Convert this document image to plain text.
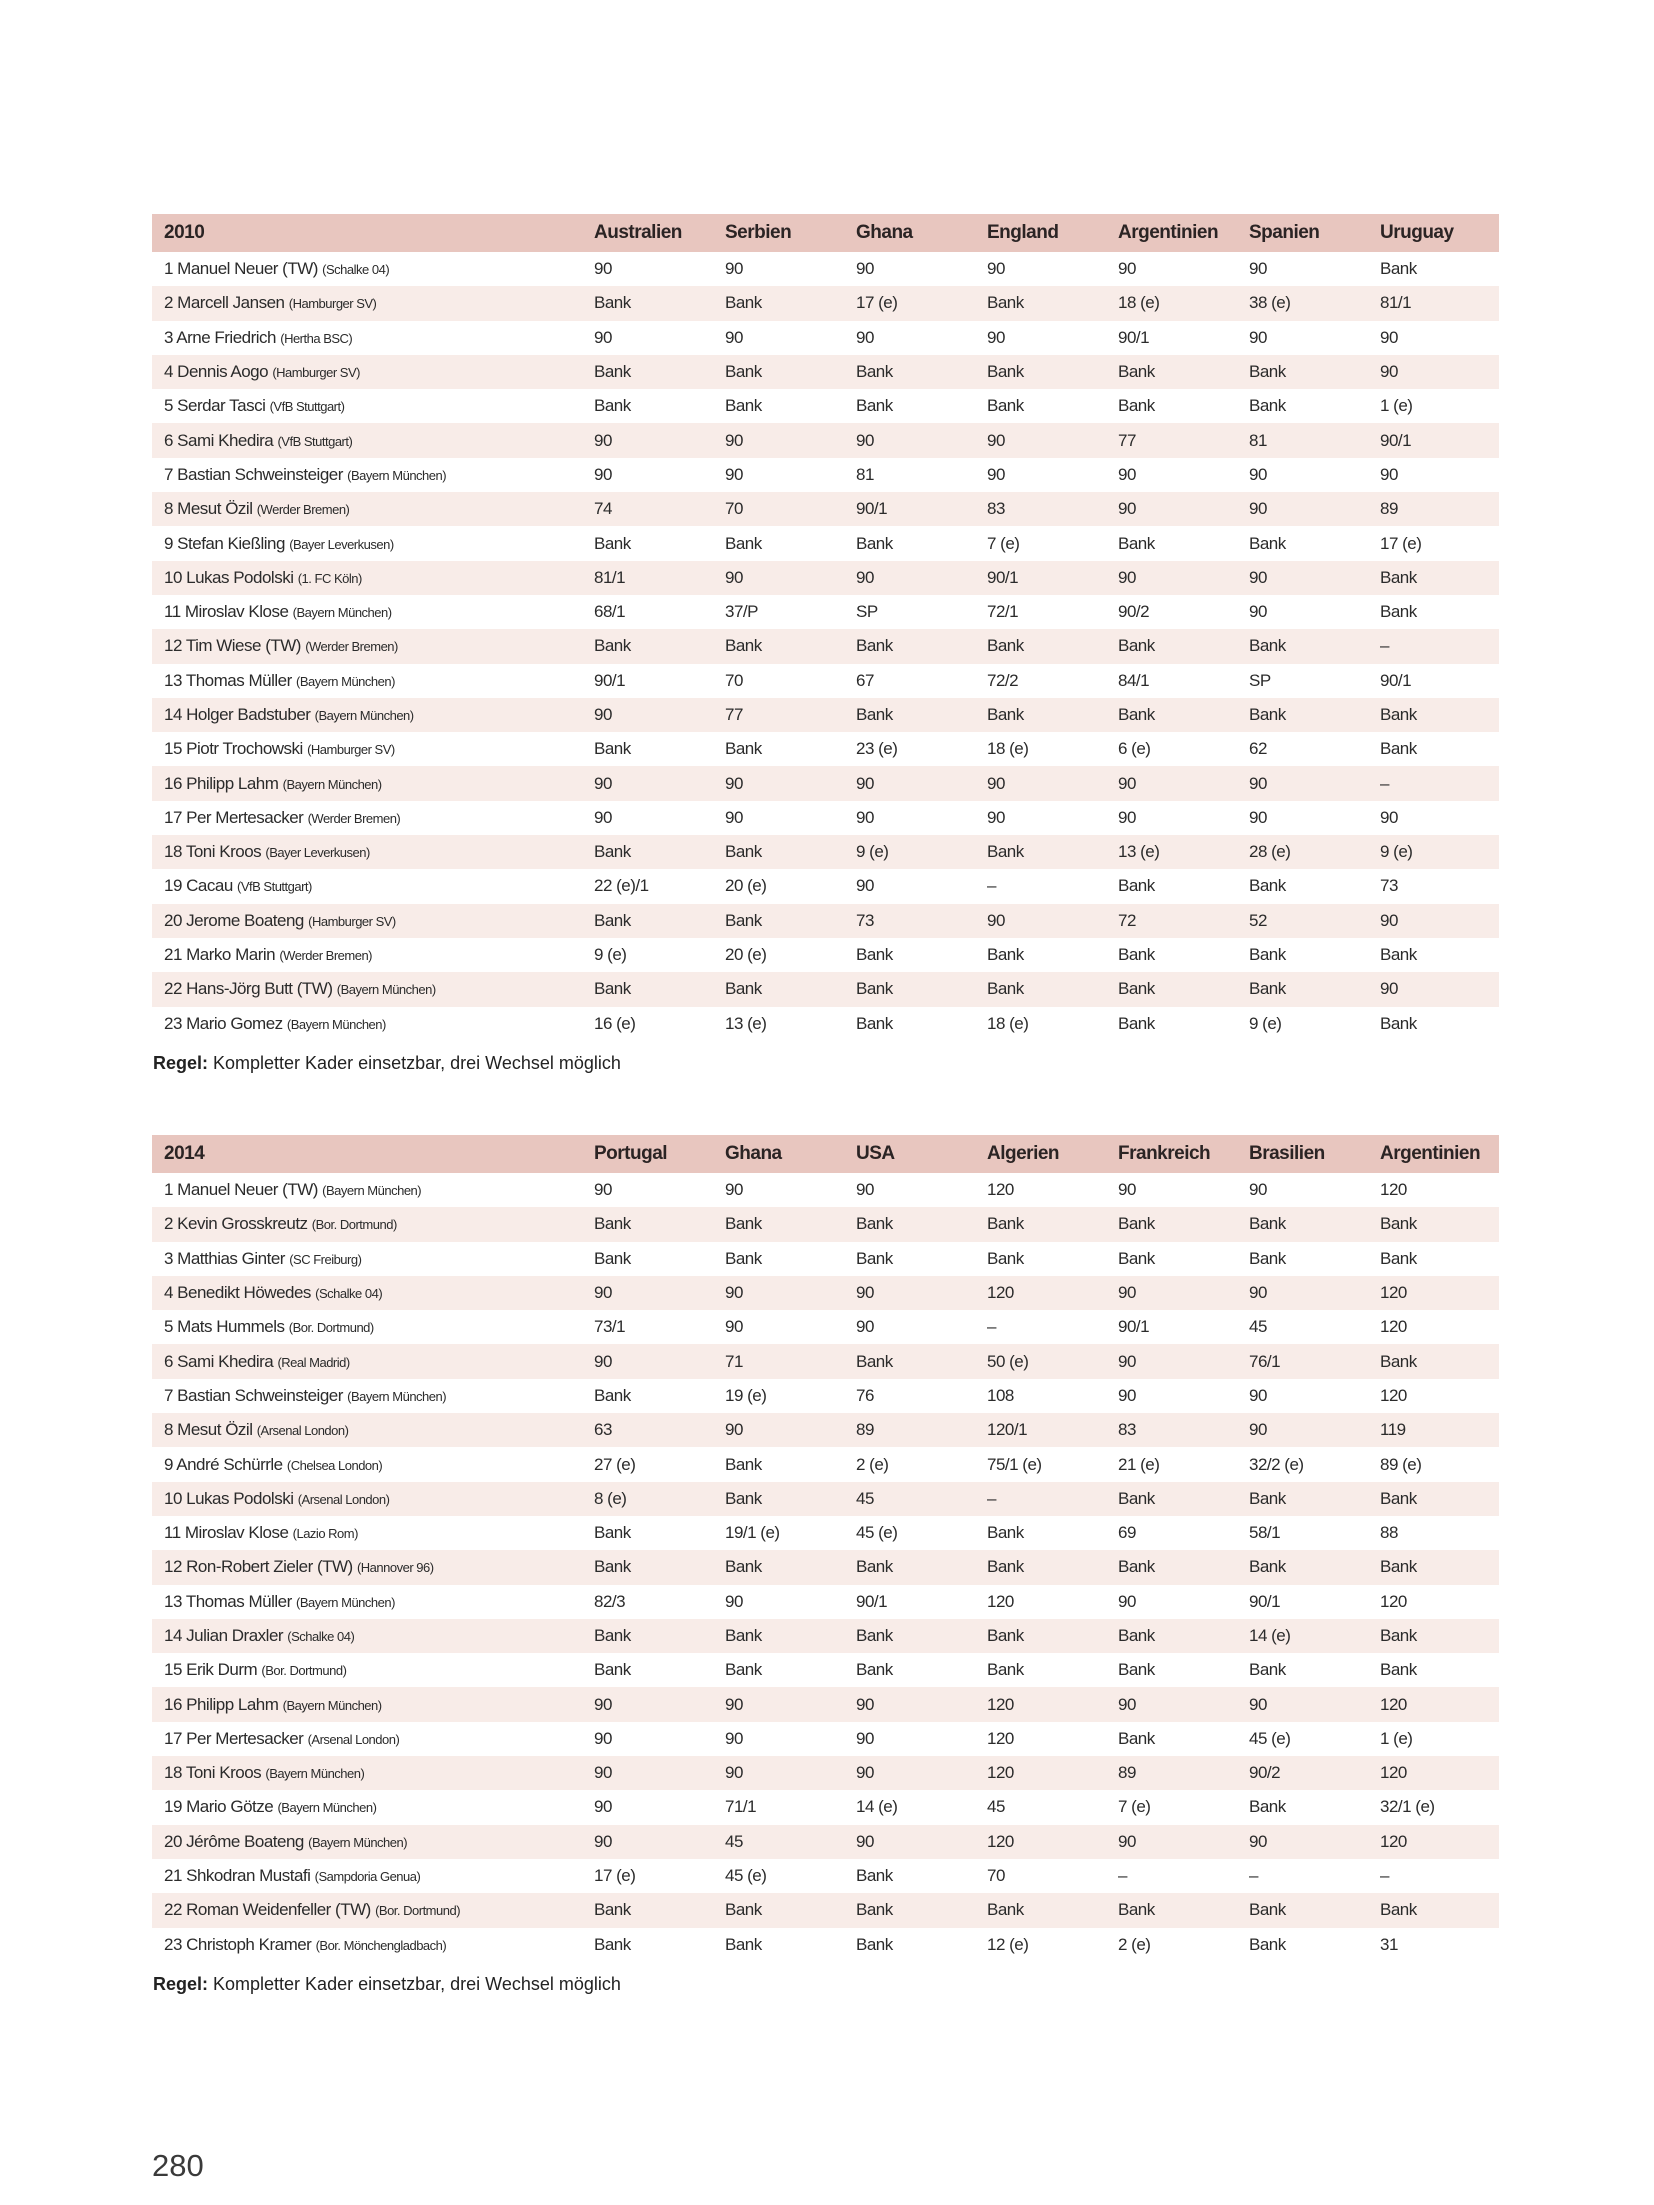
2010	Australien	Serbien	Ghana	England	Argentinien	Spanien	Uruguay
1 Manuel Neuer (TW) (Schalke 04)	90	90	90	90	90	90	Bank
2 Marcell Jansen (Hamburger SV)	Bank	Bank	17 (e)	Bank	18 (e)	38 (e)	81/1
3 Arne Friedrich (Hertha BSC)	90	90	90	90	90/1	90	90
4 Dennis Aogo (Hamburger SV)	Bank	Bank	Bank	Bank	Bank	Bank	90
5 Serdar Tasci (VfB Stuttgart)	Bank	Bank	Bank	Bank	Bank	Bank	1 (e)
6 Sami Khedira (VfB Stuttgart)	90	90	90	90	77	81	90/1
7 Bastian Schweinsteiger (Bayern München)	90	90	81	90	90	90	90
8 Mesut Özil (Werder Bremen)	74	70	90/1	83	90	90	89
9 Stefan Kießling (Bayer Leverkusen)	Bank	Bank	Bank	7 (e)	Bank	Bank	17 (e)
10 Lukas Podolski (1. FC Köln)	81/1	90	90	90/1	90	90	Bank
11 Miroslav Klose (Bayern München)	68/1	37/P	SP	72/1	90/2	90	Bank
12 Tim Wiese (TW) (Werder Bremen)	Bank	Bank	Bank	Bank	Bank	Bank	–
13 Thomas Müller (Bayern München)	90/1	70	67	72/2	84/1	SP	90/1
14 Holger Badstuber (Bayern München)	90	77	Bank	Bank	Bank	Bank	Bank
15 Piotr Trochowski (Hamburger SV)	Bank	Bank	23 (e)	18 (e)	6 (e)	62	Bank
16 Philipp Lahm (Bayern München)	90	90	90	90	90	90	–
17 Per Mertesacker (Werder Bremen)	90	90	90	90	90	90	90
18 Toni Kroos (Bayer Leverkusen)	Bank	Bank	9 (e)	Bank	13 (e)	28 (e)	9 (e)
19 Cacau (VfB Stuttgart)	22 (e)/1	20 (e)	90	–	Bank	Bank	73
20 Jerome Boateng (Hamburger SV)	Bank	Bank	73	90	72	52	90
21 Marko Marin (Werder Bremen)	9 (e)	20 (e)	Bank	Bank	Bank	Bank	Bank
22 Hans-Jörg Butt (TW) (Bayern München)	Bank	Bank	Bank	Bank	Bank	Bank	90
23 Mario Gomez (Bayern München)	16 (e)	13 (e)	Bank	18 (e)	Bank	9 (e)	Bank
Regel: Kompletter Kader einsetzbar, drei Wechsel möglich
2014	Portugal	Ghana	USA	Algerien	Frankreich	Brasilien	Argentinien
1 Manuel Neuer (TW) (Bayern München)	90	90	90	120	90	90	120
2 Kevin Grosskreutz (Bor. Dortmund)	Bank	Bank	Bank	Bank	Bank	Bank	Bank
3 Matthias Ginter (SC Freiburg)	Bank	Bank	Bank	Bank	Bank	Bank	Bank
4 Benedikt Höwedes (Schalke 04)	90	90	90	120	90	90	120
5 Mats Hummels (Bor. Dortmund)	73/1	90	90	–	90/1	45	120
6 Sami Khedira (Real Madrid)	90	71	Bank	50 (e)	90	76/1	Bank
7 Bastian Schweinsteiger (Bayern München)	Bank	19 (e)	76	108	90	90	120
8 Mesut Özil (Arsenal London)	63	90	89	120/1	83	90	119
9 André Schürrle (Chelsea London)	27 (e)	Bank	2 (e)	75/1 (e)	21 (e)	32/2 (e)	89 (e)
10 Lukas Podolski (Arsenal London)	8 (e)	Bank	45	–	Bank	Bank	Bank
11 Miroslav Klose (Lazio Rom)	Bank	19/1 (e)	45 (e)	Bank	69	58/1	88
12 Ron-Robert Zieler (TW) (Hannover 96)	Bank	Bank	Bank	Bank	Bank	Bank	Bank
13 Thomas Müller (Bayern München)	82/3	90	90/1	120	90	90/1	120
14 Julian Draxler (Schalke 04)	Bank	Bank	Bank	Bank	Bank	14 (e)	Bank
15 Erik Durm (Bor. Dortmund)	Bank	Bank	Bank	Bank	Bank	Bank	Bank
16 Philipp Lahm (Bayern München)	90	90	90	120	90	90	120
17 Per Mertesacker (Arsenal London)	90	90	90	120	Bank	45 (e)	1 (e)
18 Toni Kroos (Bayern München)	90	90	90	120	89	90/2	120
19 Mario Götze (Bayern München)	90	71/1	14 (e)	45	7 (e)	Bank	32/1 (e)
20 Jérôme Boateng (Bayern München)	90	45	90	120	90	90	120
21 Shkodran Mustafi (Sampdoria Genua)	17 (e)	45 (e)	Bank	70	–	–	–
22 Roman Weidenfeller (TW) (Bor. Dortmund)	Bank	Bank	Bank	Bank	Bank	Bank	Bank
23 Christoph Kramer (Bor. Mönchengladbach)	Bank	Bank	Bank	12 (e)	2 (e)	Bank	31
Regel: Kompletter Kader einsetzbar, drei Wechsel möglich
280
